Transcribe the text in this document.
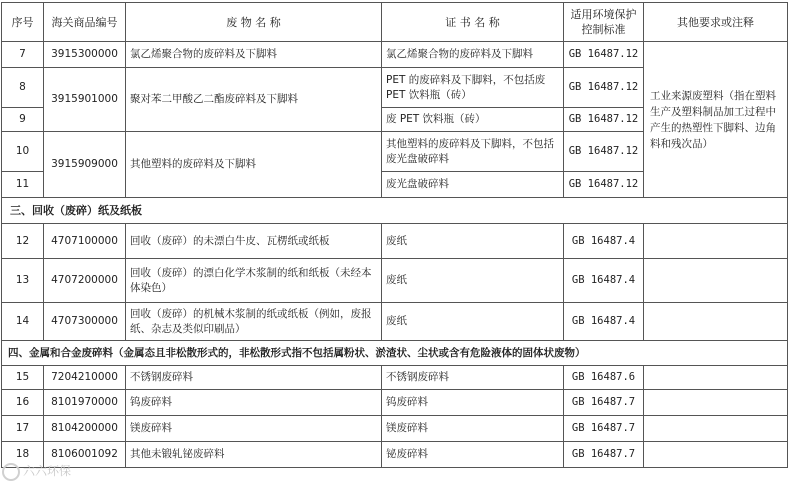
序号	海关商品编号	废 物 名 称	证 书 名 称	适用环境保护控制标准	其他要求或注释
7	3915300000	氯乙烯聚合物的废碎料及下脚料	氯乙烯聚合物的废碎料及下脚料	GB 16487.12	工业来源废塑料（指在塑料生产及塑料制品加工过程中产生的热塑性下脚料、边角料和残次品）
8	3915901000	聚对苯二甲酸乙二酯废碎料及下脚料	PET 的废碎料及下脚料，不包括废 PET 饮料瓶（砖）	GB 16487.12	
9			废 PET 饮料瓶（砖）	GB 16487.12	
10	3915909000	其他塑料的废碎料及下脚料	其他塑料的废碎料及下脚料，不包括废光盘破碎料	GB 16487.12	
11			废光盘破碎料	GB 16487.12	
三、回收（废碎）纸及纸板					
12	4707100000	回收（废碎）的未漂白牛皮、瓦楞纸或纸板	废纸	GB 16487.4	
13	4707200000	回收（废碎）的漂白化学木浆制的纸和纸板（未经本体染色）	废纸	GB 16487.4	
14	4707300000	回收（废碎）的机械木浆制的纸或纸板（例如，废报纸、杂志及类似印刷品）	废纸	GB 16487.4	
四、金属和合金废碎料（金属态且非松散形式的，非松散形式指不包括属粉状、淤渣状、尘状或含有危险液体的固体状废物）					
15	7204210000	不锈钢废碎料	不锈钢废碎料	GB 16487.6	
16	8101970000	钨废碎料	钨废碎料	GB 16487.7	
17	8104200000	镁废碎料	镁废碎料	GB 16487.7	
18	8106001092	其他未锻轧铋废碎料	铋废碎料	GB 16487.7	
六六环保
